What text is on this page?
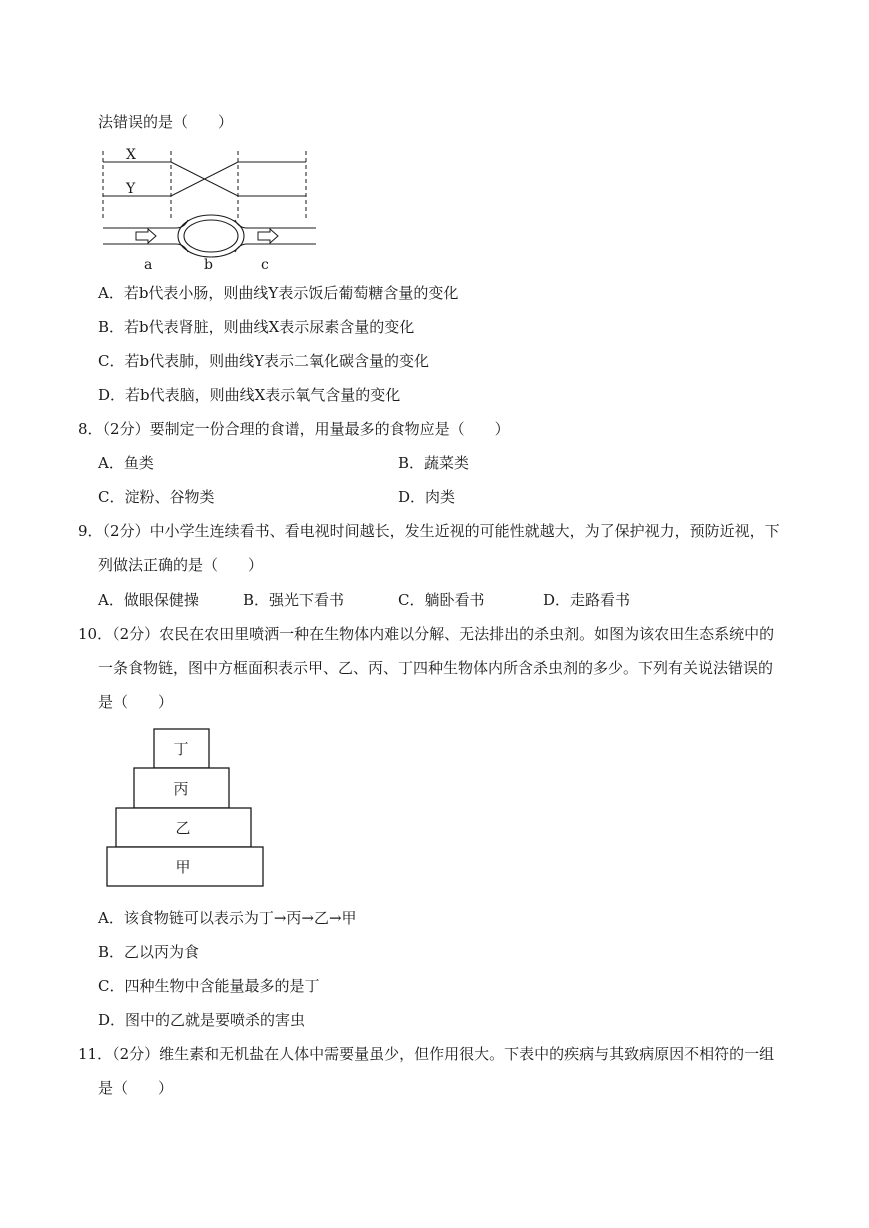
法错误的是（　　）
X
Y
a	b	c
A．若b代表小肠，则曲线Y表示饭后葡萄糖含量的变化
B．若b代表肾脏，则曲线X表示尿素含量的变化
C．若b代表肺，则曲线Y表示二氧化碳含量的变化
D．若b代表脑，则曲线X表示氧气含量的变化
8．（2分）要制定一份合理的食谱，用量最多的食物应是（　　）
A．鱼类	B．蔬菜类
C．淀粉、谷物类	D．肉类
9．（2分）中小学生连续看书、看电视时间越长，发生近视的可能性就越大，为了保护视力，预防近视，下
列做法正确的是（　　）
A．做眼保健操	B．强光下看书	C．躺卧看书	D．走路看书
10．（2分）农民在农田里喷洒一种在生物体内难以分解、无法排出的杀虫剂。如图为该农田生态系统中的
一条食物链，图中方框面积表示甲、乙、丙、丁四种生物体内所含杀虫剂的多少。下列有关说法错误的
是（　　）
丁
丙
乙
甲
A．该食物链可以表示为丁→丙→乙→甲
B．乙以丙为食
C．四种生物中含能量最多的是丁
D．图中的乙就是要喷杀的害虫
11．（2分）维生素和无机盐在人体中需要量虽少，但作用很大。下表中的疾病与其致病原因不相符的一组
是（　　）
